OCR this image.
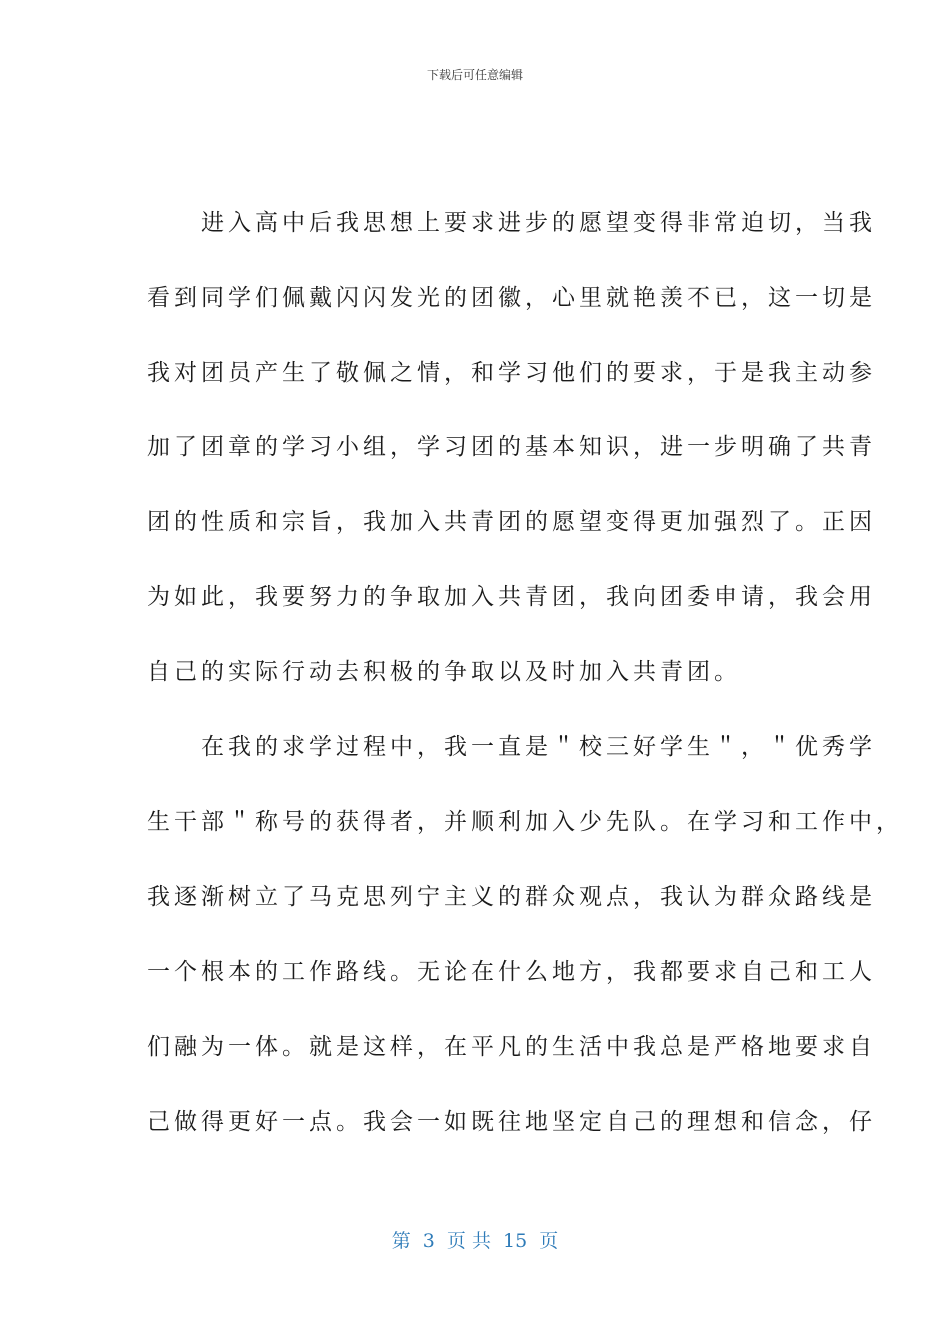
下载后可任意编辑
　　进入高中后我思想上要求进步的愿望变得非常迫切，当我
看到同学们佩戴闪闪发光的团徽，心里就艳羡不已，这一切是
我对团员产生了敬佩之情，和学习他们的要求，于是我主动参
加了团章的学习小组，学习团的基本知识，进一步明确了共青
团的性质和宗旨，我加入共青团的愿望变得更加强烈了。正因
为如此，我要努力的争取加入共青团，我向团委申请，我会用
自己的实际行动去积极的争取以及时加入共青团。
　　在我的求学过程中，我一直是＂校三好学生＂，＂优秀学
生干部＂称号的获得者，并顺利加入少先队。在学习和工作中，
我逐渐树立了马克思列宁主义的群众观点，我认为群众路线是
一个根本的工作路线。无论在什么地方，我都要求自己和工人
们融为一体。就是这样，在平凡的生活中我总是严格地要求自
己做得更好一点。我会一如既往地坚定自己的理想和信念，仔
第 3 页 共 15 页
